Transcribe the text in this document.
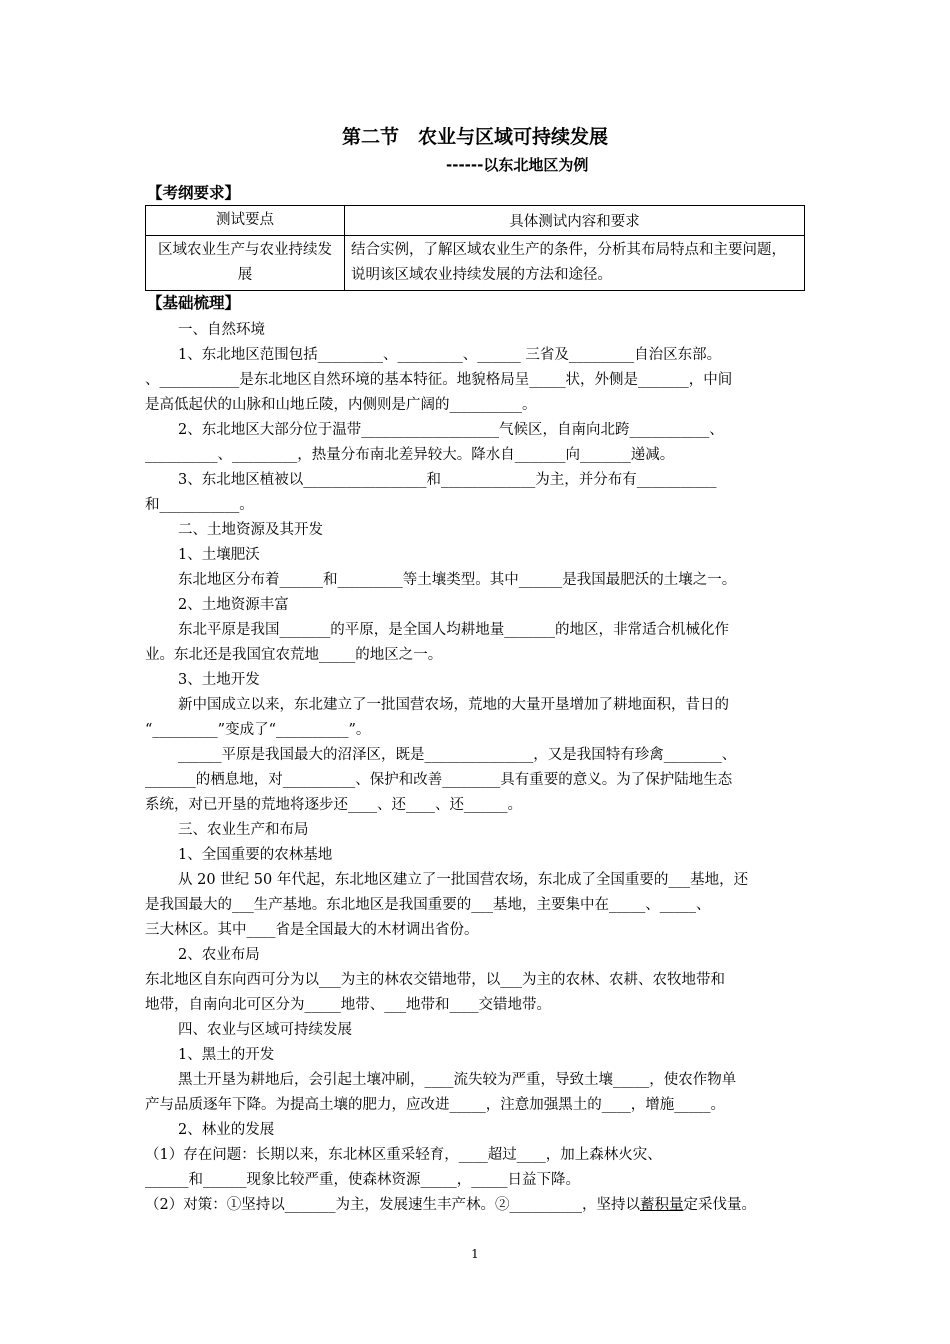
第二节　农业与区域可持续发展
------以东北地区为例
【考纲要求】
测试要点	具体测试内容和要求
区域农业生产与农业持续发展	结合实例，了解区域农业生产的条件，分析其布局特点和主要问题，说明该区域农业持续发展的方法和途径。
【基础梳理】
一、自然环境
1、东北地区范围包括_________、_________、______ 三省及_________自治区东部。
、___________是东北地区自然环境的基本特征。地貌格局呈_____状，外侧是_______，中间
是高低起伏的山脉和山地丘陵，内侧则是广阔的__________。
2、东北地区大部分位于温带___________________气候区，自南向北跨___________、
__________、_________，热量分布南北差异较大。降水自_______向_______递减。
3、东北地区植被以_________________和_____________为主，并分布有___________
和___________。
二、土地资源及其开发
1、土壤肥沃
东北地区分布着______和_________等土壤类型。其中______是我国最肥沃的土壤之一。
2、土地资源丰富
东北平原是我国_______的平原，是全国人均耕地量_______的地区，非常适合机械化作
业。东北还是我国宜农荒地_____的地区之一。
3、土地开发
新中国成立以来，东北建立了一批国营农场，荒地的大量开垦增加了耕地面积，昔日的
“_________”变成了“__________”。
______平原是我国最大的沼泽区，既是_______________，又是我国特有珍禽________、
_______的栖息地，对__________、保护和改善________具有重要的意义。为了保护陆地生态
系统，对已开垦的荒地将逐步还____、还____、还______。
三、农业生产和布局
1、全国重要的农林基地
从 20 世纪 50 年代起，东北地区建立了一批国营农场，东北成了全国重要的___基地，还
是我国最大的___生产基地。东北地区是我国重要的___基地，主要集中在_____、_____、
三大林区。其中____省是全国最大的木材调出省份。
2、农业布局
东北地区自东向西可分为以___为主的林农交错地带，以___为主的农林、农耕、农牧地带和
地带，自南向北可区分为_____地带、___地带和____交错地带。
四、农业与区域可持续发展
1、黑土的开发
黑土开垦为耕地后，会引起土壤冲刷，____流失较为严重，导致土壤_____，使农作物单
产与品质逐年下降。为提高土壤的肥力，应改进_____，注意加强黑土的____，增施_____。
2、林业的发展
（1）存在问题：长期以来，东北林区重采轻育，____超过____，加上森林火灾、
______和______现象比较严重，使森林资源_____，_____日益下降。
（2）对策：①坚持以_______为主，发展速生丰产林。②__________，坚持以蓄积量定采伐量。
1
